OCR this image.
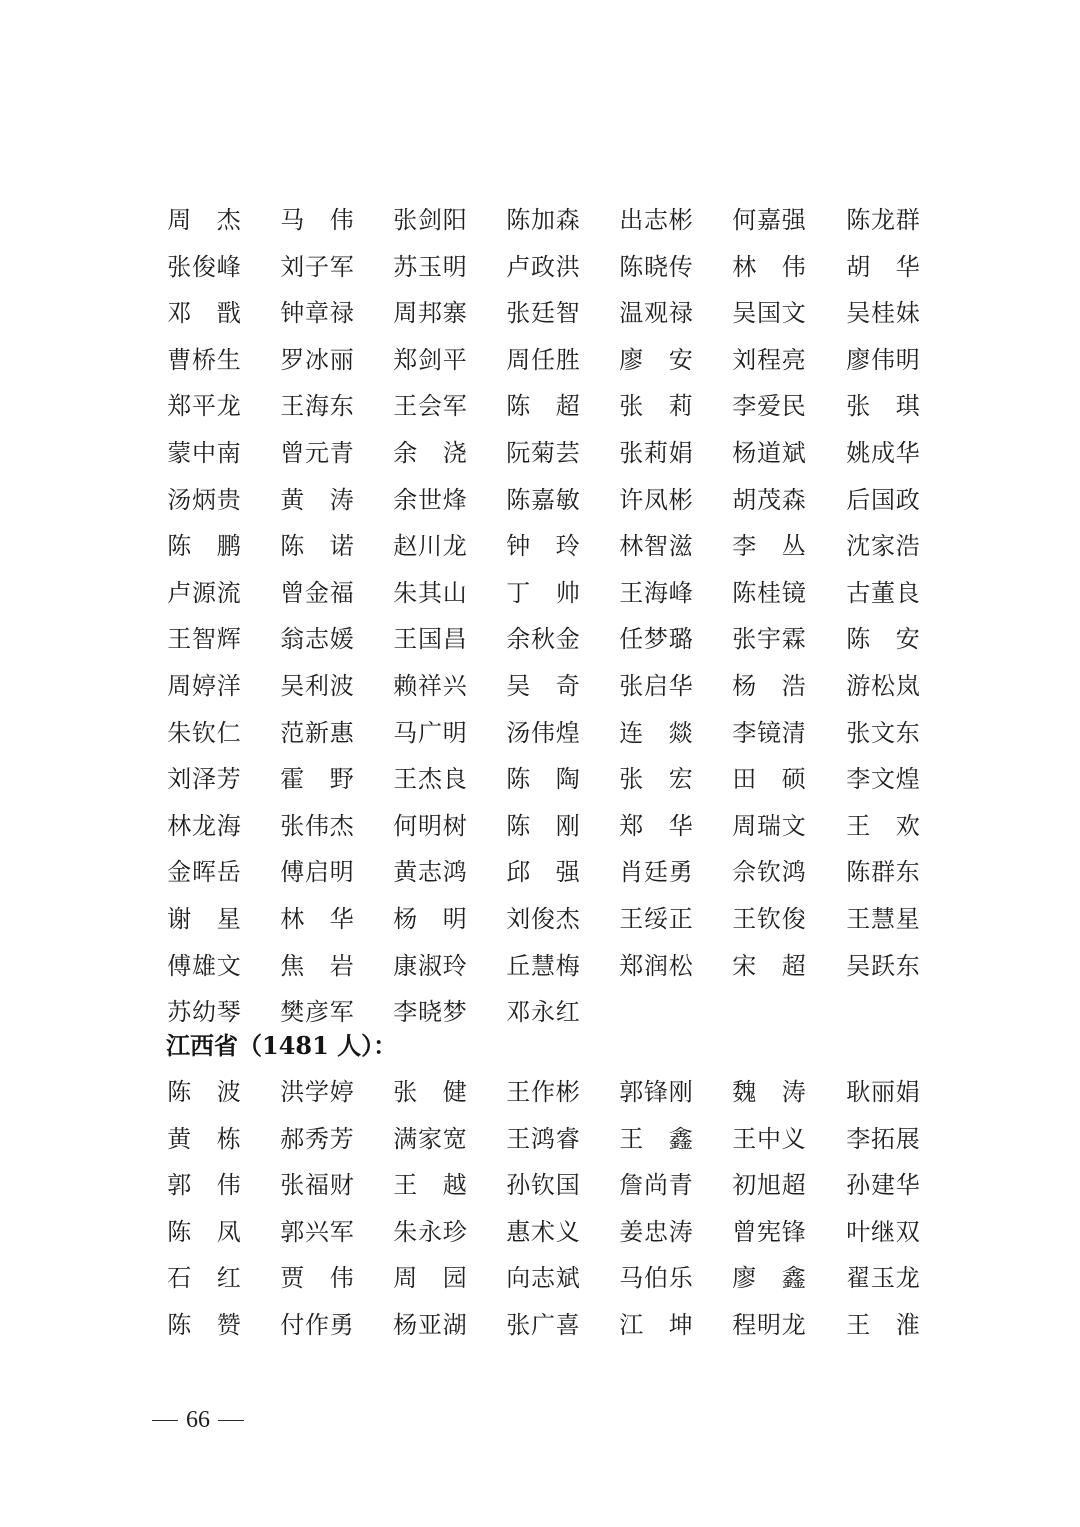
周 杰 马 伟 张 剑 阳 陈 加 森 出 志 彬 何 嘉 强 陈 龙 群
张 俊 峰 刘 子 军 苏 玉 明 卢 政 洪 陈 晓 传 林 伟 胡 华
邓 戬 钟 章 禄 周 邦 寨 张 廷 智 温 观 禄 吴 国 文 吴 桂 妹
曹 桥 生 罗 冰 丽 郑 剑 平 周 任 胜 廖 安 刘 程 亮 廖 伟 明
郑 平 龙 王 海 东 王 会 军 陈 超 张 莉 李 爱 民 张 琪
蒙 中 南 曾 元 青 余 浇 阮 菊 芸 张 莉 娟 杨 道 斌 姚 成 华
汤 炳 贵 黄 涛 余 世 烽 陈 嘉 敏 许 凤 彬 胡 茂 森 后 国 政
陈 鹏 陈 诺 赵 川 龙 钟 玲 林 智 滋 李 丛 沈 家 浩
卢 源 流 曾 金 福 朱 其 山 丁 帅 王 海 峰 陈 桂 镜 古 董 良
王 智 辉 翁 志 媛 王 国 昌 余 秋 金 任 梦 璐 张 宇 霖 陈 安
周 婷 洋 吴 利 波 赖 祥 兴 吴 奇 张 启 华 杨 浩 游 松 岚
朱 钦 仁 范 新 惠 马 广 明 汤 伟 煌 连 燚 李 镜 清 张 文 东
刘 泽 芳 霍 野 王 杰 良 陈 陶 张 宏 田 硕 李 文 煌
林 龙 海 张 伟 杰 何 明 树 陈 刚 郑 华 周 瑞 文 王 欢
金 晖 岳 傅 启 明 黄 志 鸿 邱 强 肖 廷 勇 佘 钦 鸿 陈 群 东
谢 星 林 华 杨 明 刘 俊 杰 王 绥 正 王 钦 俊 王 慧 星
傅 雄 文 焦 岩 康 淑 玲 丘 慧 梅 郑 润 松 宋 超 吴 跃 东
苏 幼 琴 樊 彦 军 李 晓 梦 邓 永 红
江西省（1481 人）：
陈 波 洪 学 婷 张 健 王 作 彬 郭 锋 刚 魏 涛 耿 丽 娟
黄 栋 郝 秀 芳 满 家 宽 王 鸿 睿 王 鑫 王 中 义 李 拓 展
郭 伟 张 福 财 王 越 孙 钦 国 詹 尚 青 初 旭 超 孙 建 华
陈 凤 郭 兴 军 朱 永 珍 惠 术 义 姜 忠 涛 曾 宪 锋 叶 继 双
石 红 贾 伟 周 园 向 志 斌 马 伯 乐 廖 鑫 翟 玉 龙
陈 赞 付 作 勇 杨 亚 湖 张 广 喜 江 坤 程 明 龙 王 淮
66
